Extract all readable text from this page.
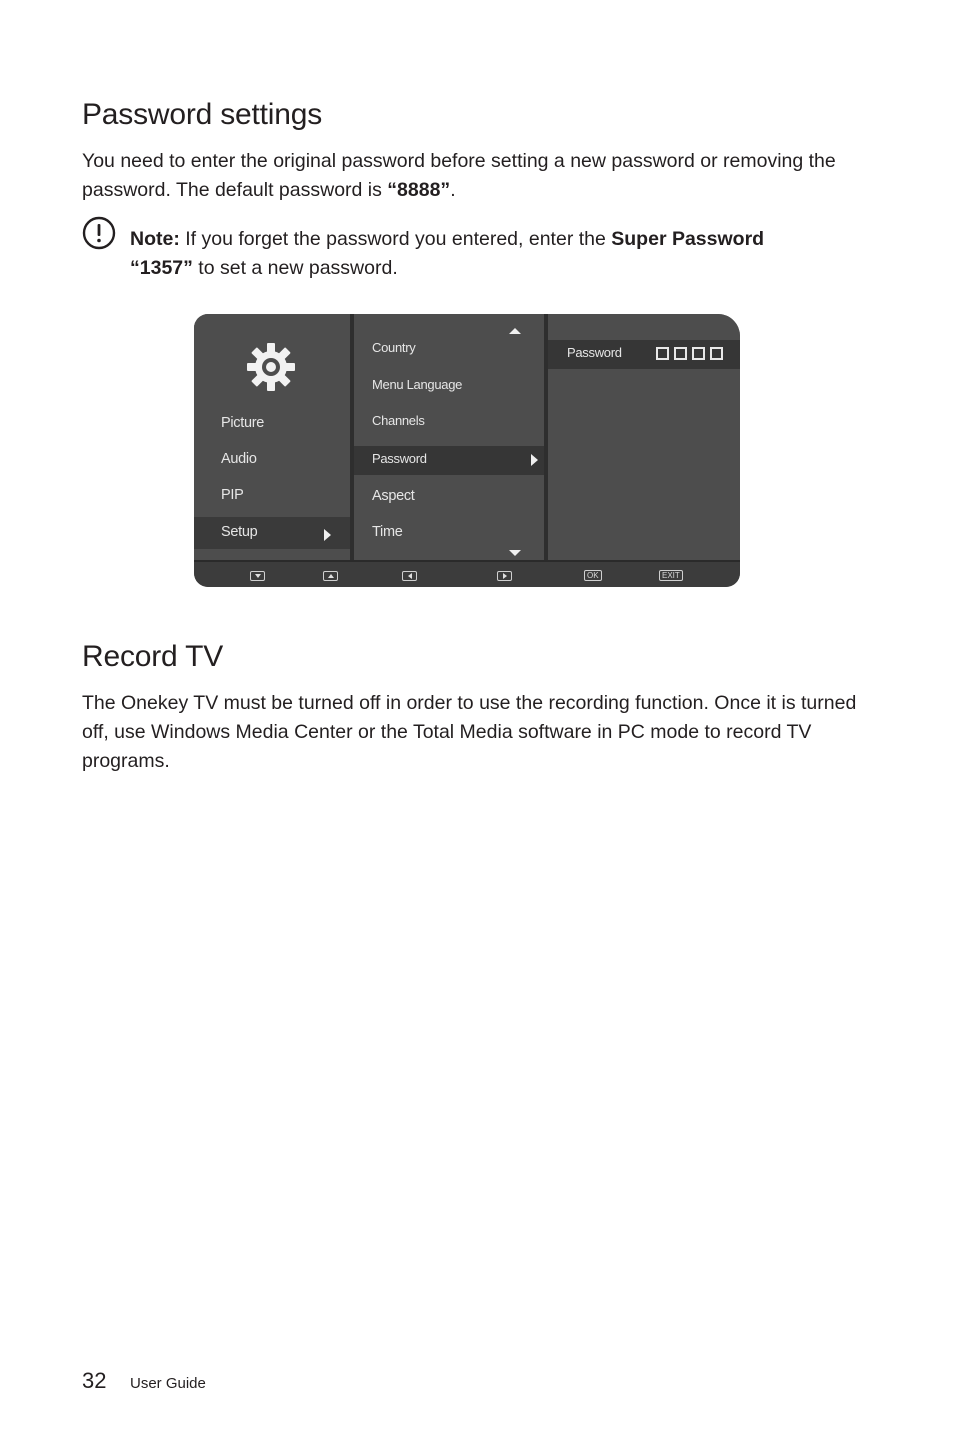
Password settings

You need to enter the original password before setting a new password or removing the password. The default password is “8888”.

Note: If you forget the password you entered, enter the Super Password
“1357” to set a new password.

Picture
Audio
PIP
Setup
Country
Menu Language
Channels
Password
Aspect
Time
Password
OK	EXIT
Record TV

The Onekey TV must be turned off in order to use the recording function. Once it is turned off, use Windows Media Center or the Total Media software in PC mode to record TV programs.

32 User Guide
